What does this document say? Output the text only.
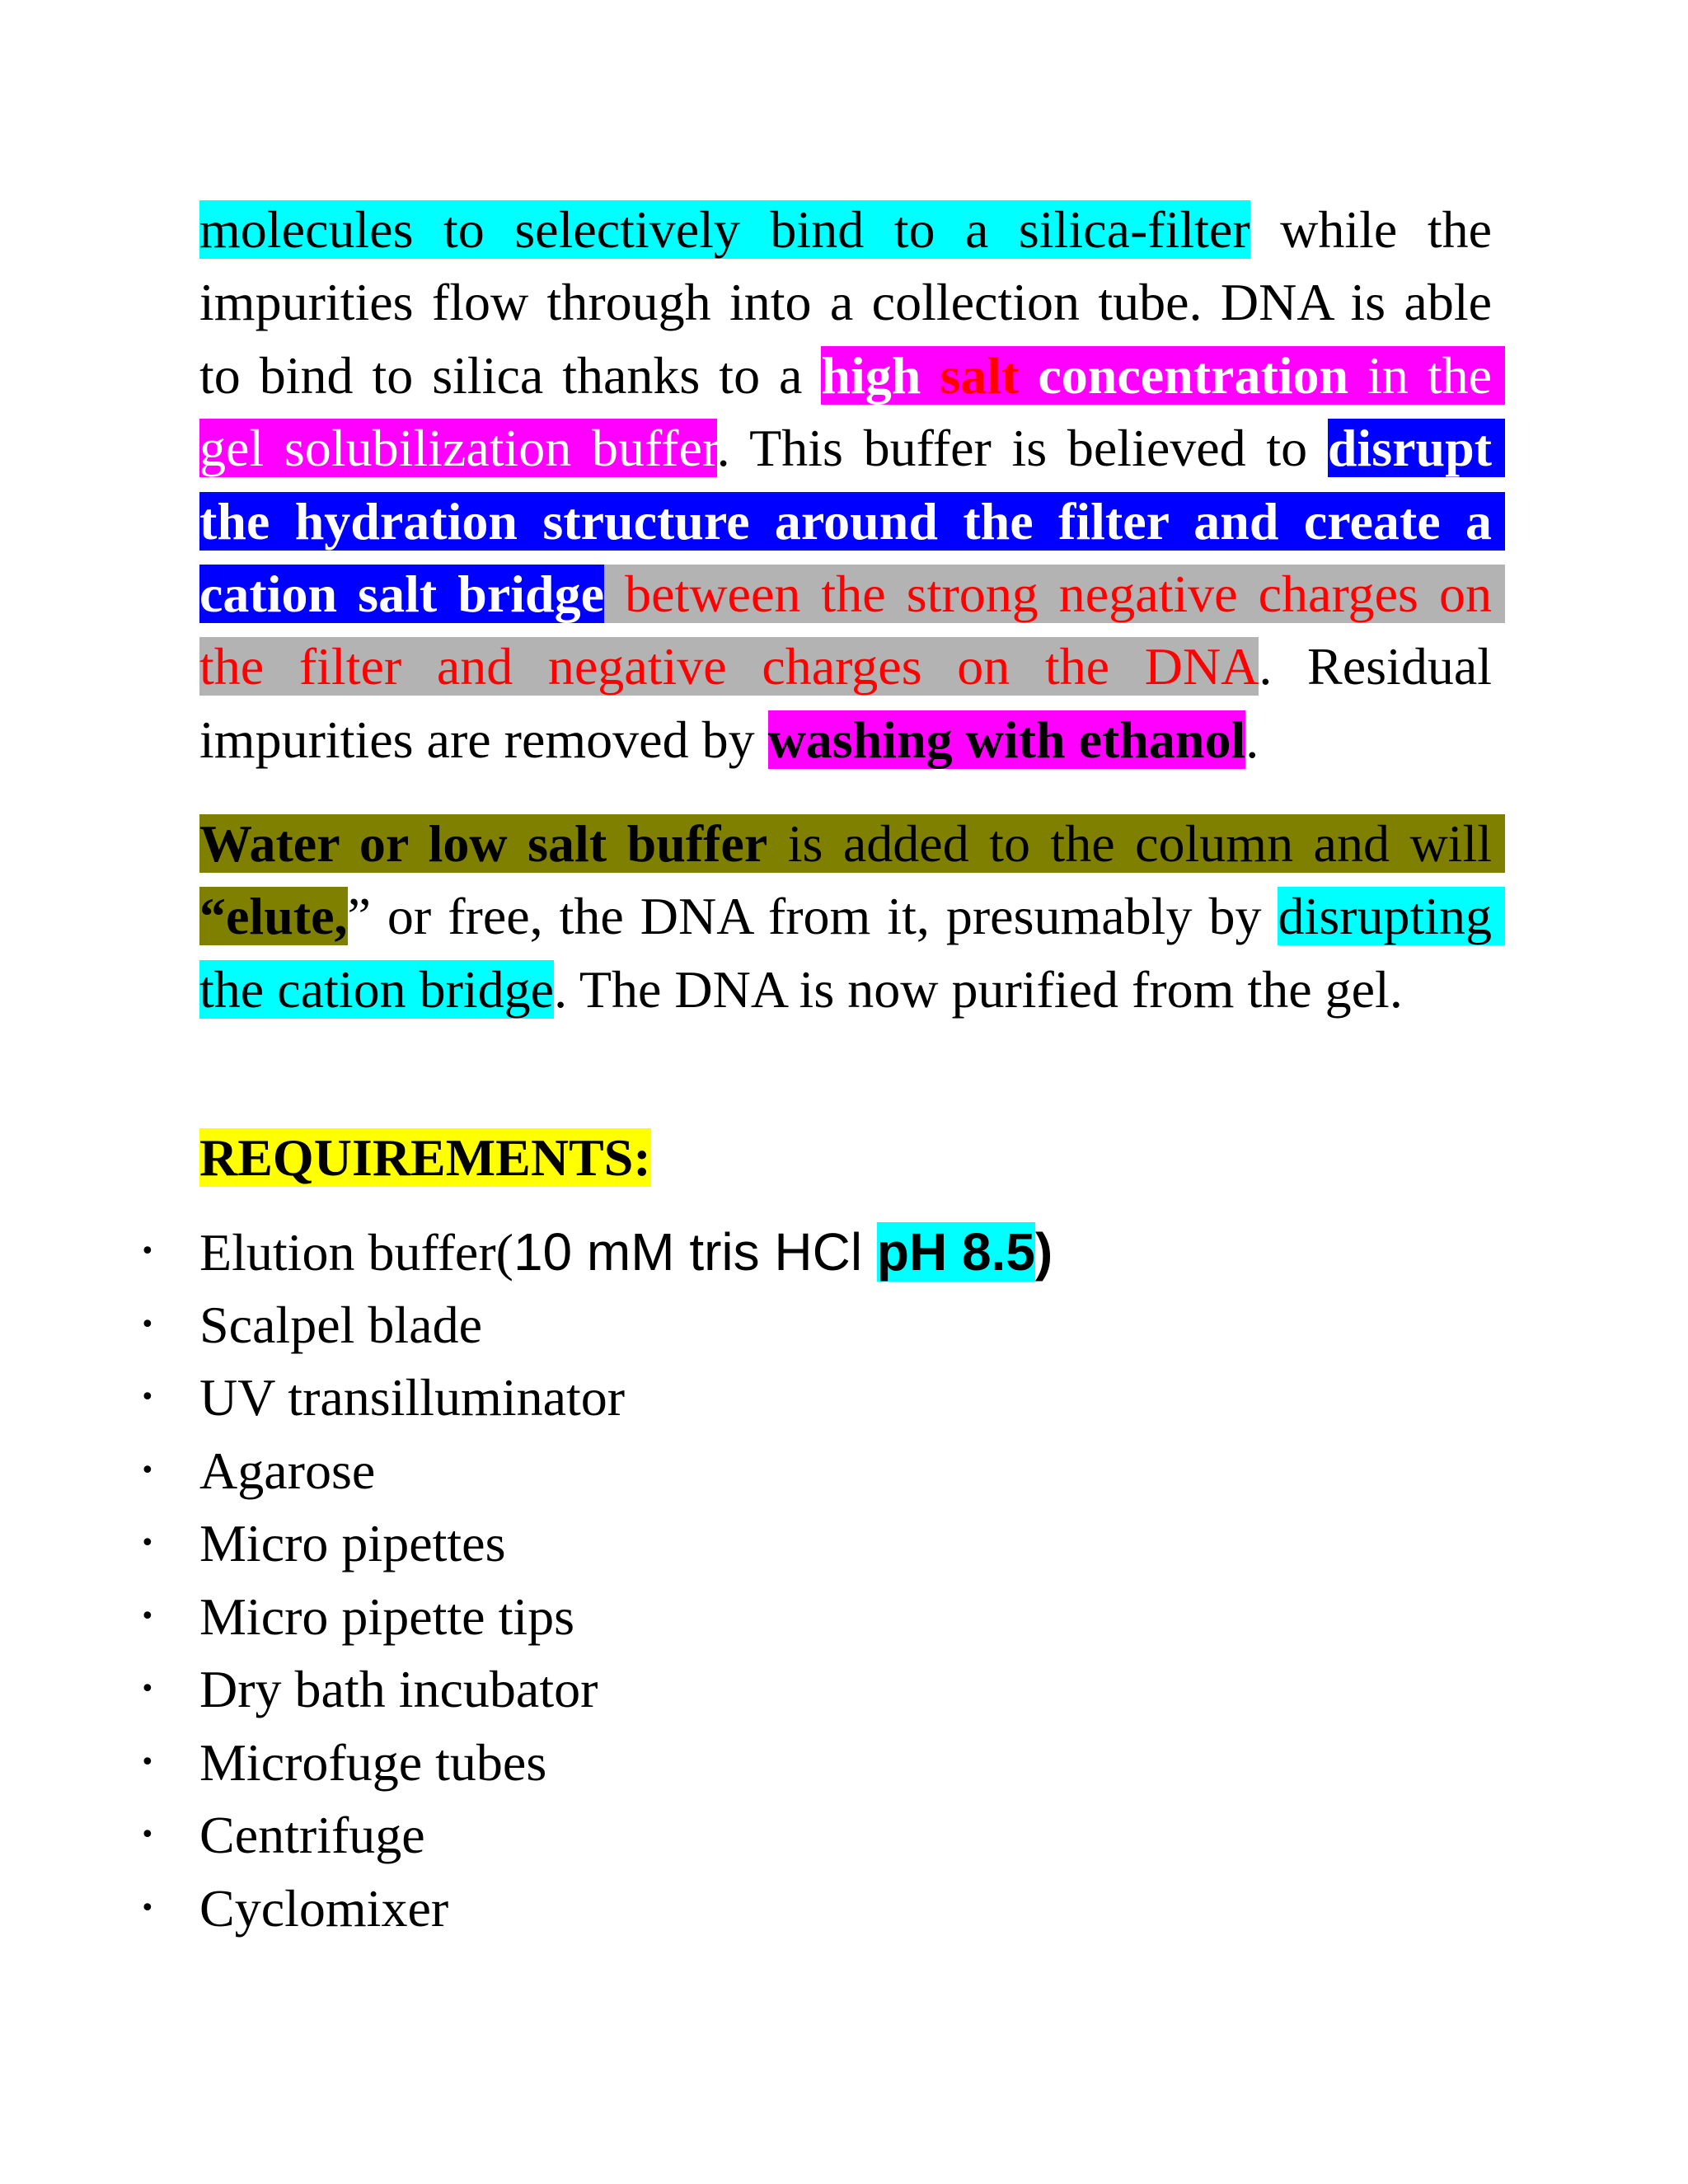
molecules to selectively bind to a silica-filter while the impurities flow through into a collection tube. DNA is able to bind to silica thanks to a high salt concentration in the gel solubilization buffer. This buffer is believed to disrupt the hydration structure around the filter and create a cation salt bridge between the strong negative charges on the filter and negative charges on the DNA. Residual impurities are removed by washing with ethanol.

Water or low salt buffer is added to the column and will “elute,” or free, the DNA from it, presumably by disrupting the cation bridge. The DNA is now purified from the gel.

REQUIREMENTS:
• Elution buffer(10 mM tris HCl pH 8.5)
• Scalpel blade
• UV transilluminator
• Agarose
• Micro pipettes
• Micro pipette tips
• Dry bath incubator
• Microfuge tubes
• Centrifuge
• Cyclomixer
